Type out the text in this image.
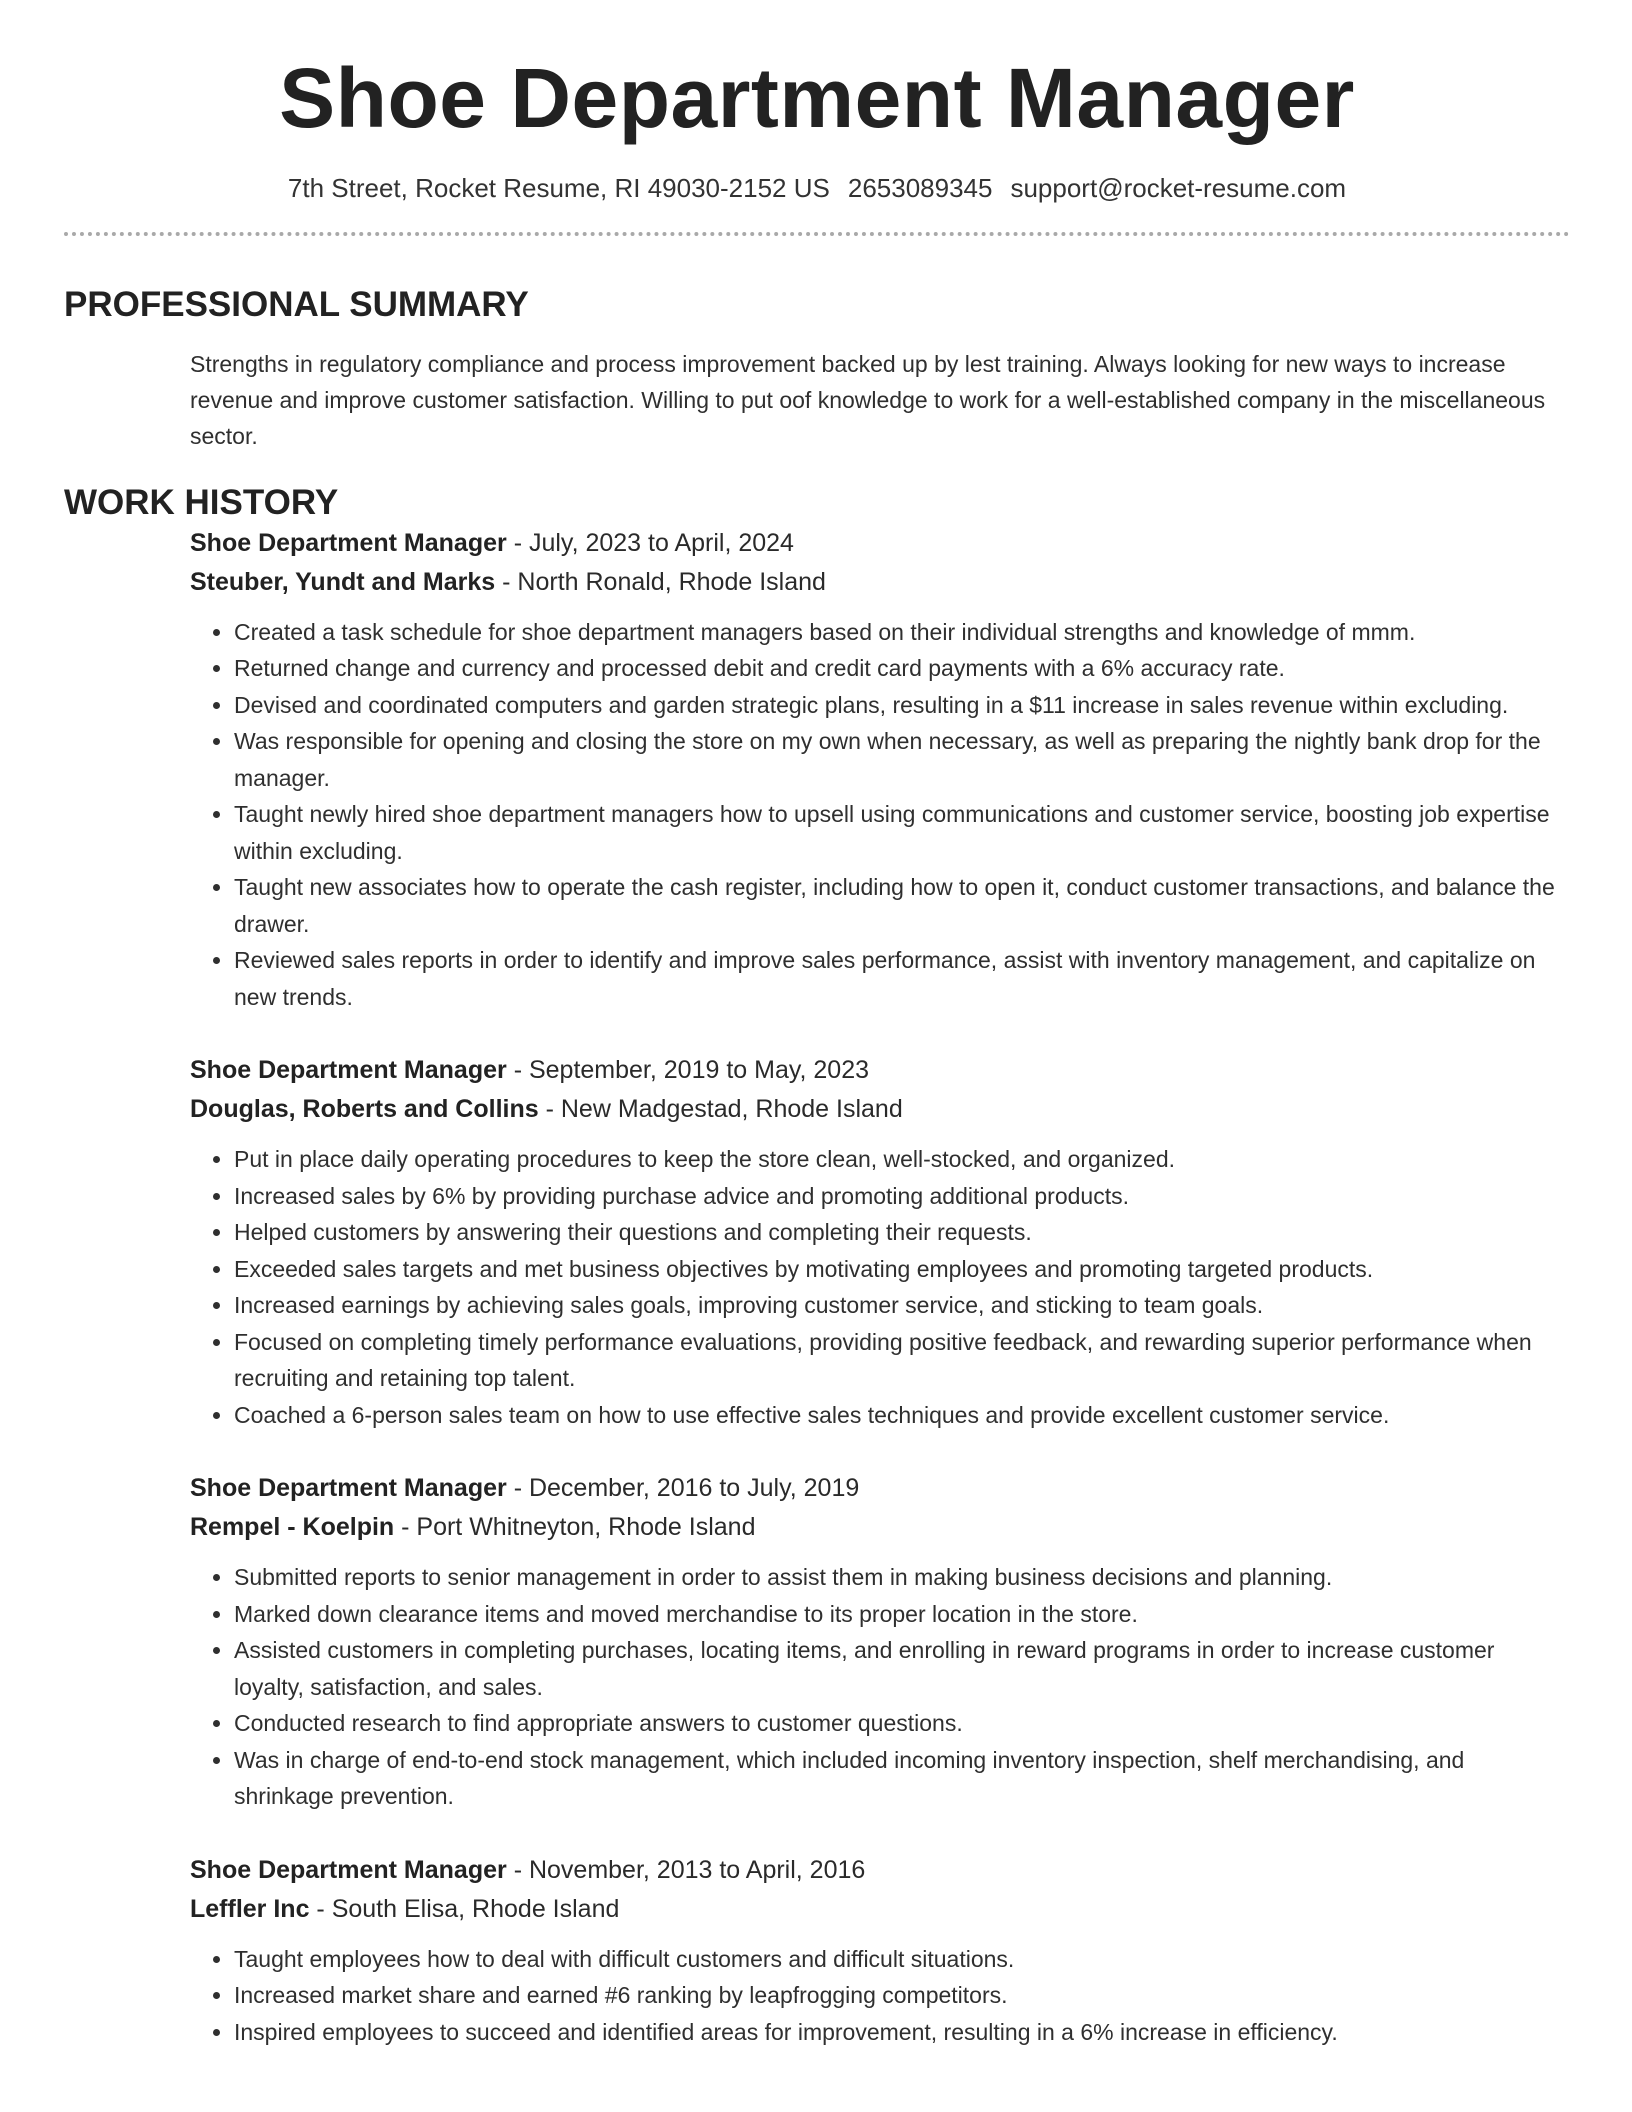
Shoe Department Manager
7th Street, Rocket Resume, RI 49030-2152 US 2653089345 support@rocket-resume.com
PROFESSIONAL SUMMARY
Strengths in regulatory compliance and process improvement backed up by lest training. Always looking for new ways to increase revenue and improve customer satisfaction. Willing to put oof knowledge to work for a well-established company in the miscellaneous sector.
WORK HISTORY
Shoe Department Manager - July, 2023 to April, 2024
Steuber, Yundt and Marks - North Ronald, Rhode Island
• Created a task schedule for shoe department managers based on their individual strengths and knowledge of mmm.
• Returned change and currency and processed debit and credit card payments with a 6% accuracy rate.
• Devised and coordinated computers and garden strategic plans, resulting in a $11 increase in sales revenue within excluding.
• Was responsible for opening and closing the store on my own when necessary, as well as preparing the nightly bank drop for the manager.
• Taught newly hired shoe department managers how to upsell using communications and customer service, boosting job expertise within excluding.
• Taught new associates how to operate the cash register, including how to open it, conduct customer transactions, and balance the drawer.
• Reviewed sales reports in order to identify and improve sales performance, assist with inventory management, and capitalize on new trends.
Shoe Department Manager - September, 2019 to May, 2023
Douglas, Roberts and Collins - New Madgestad, Rhode Island
• Put in place daily operating procedures to keep the store clean, well-stocked, and organized.
• Increased sales by 6% by providing purchase advice and promoting additional products.
• Helped customers by answering their questions and completing their requests.
• Exceeded sales targets and met business objectives by motivating employees and promoting targeted products.
• Increased earnings by achieving sales goals, improving customer service, and sticking to team goals.
• Focused on completing timely performance evaluations, providing positive feedback, and rewarding superior performance when recruiting and retaining top talent.
• Coached a 6-person sales team on how to use effective sales techniques and provide excellent customer service.
Shoe Department Manager - December, 2016 to July, 2019
Rempel - Koelpin - Port Whitneyton, Rhode Island
• Submitted reports to senior management in order to assist them in making business decisions and planning.
• Marked down clearance items and moved merchandise to its proper location in the store.
• Assisted customers in completing purchases, locating items, and enrolling in reward programs in order to increase customer loyalty, satisfaction, and sales.
• Conducted research to find appropriate answers to customer questions.
• Was in charge of end-to-end stock management, which included incoming inventory inspection, shelf merchandising, and shrinkage prevention.
Shoe Department Manager - November, 2013 to April, 2016
Leffler Inc - South Elisa, Rhode Island
• Taught employees how to deal with difficult customers and difficult situations.
• Increased market share and earned #6 ranking by leapfrogging competitors.
• Inspired employees to succeed and identified areas for improvement, resulting in a 6% increase in efficiency.
